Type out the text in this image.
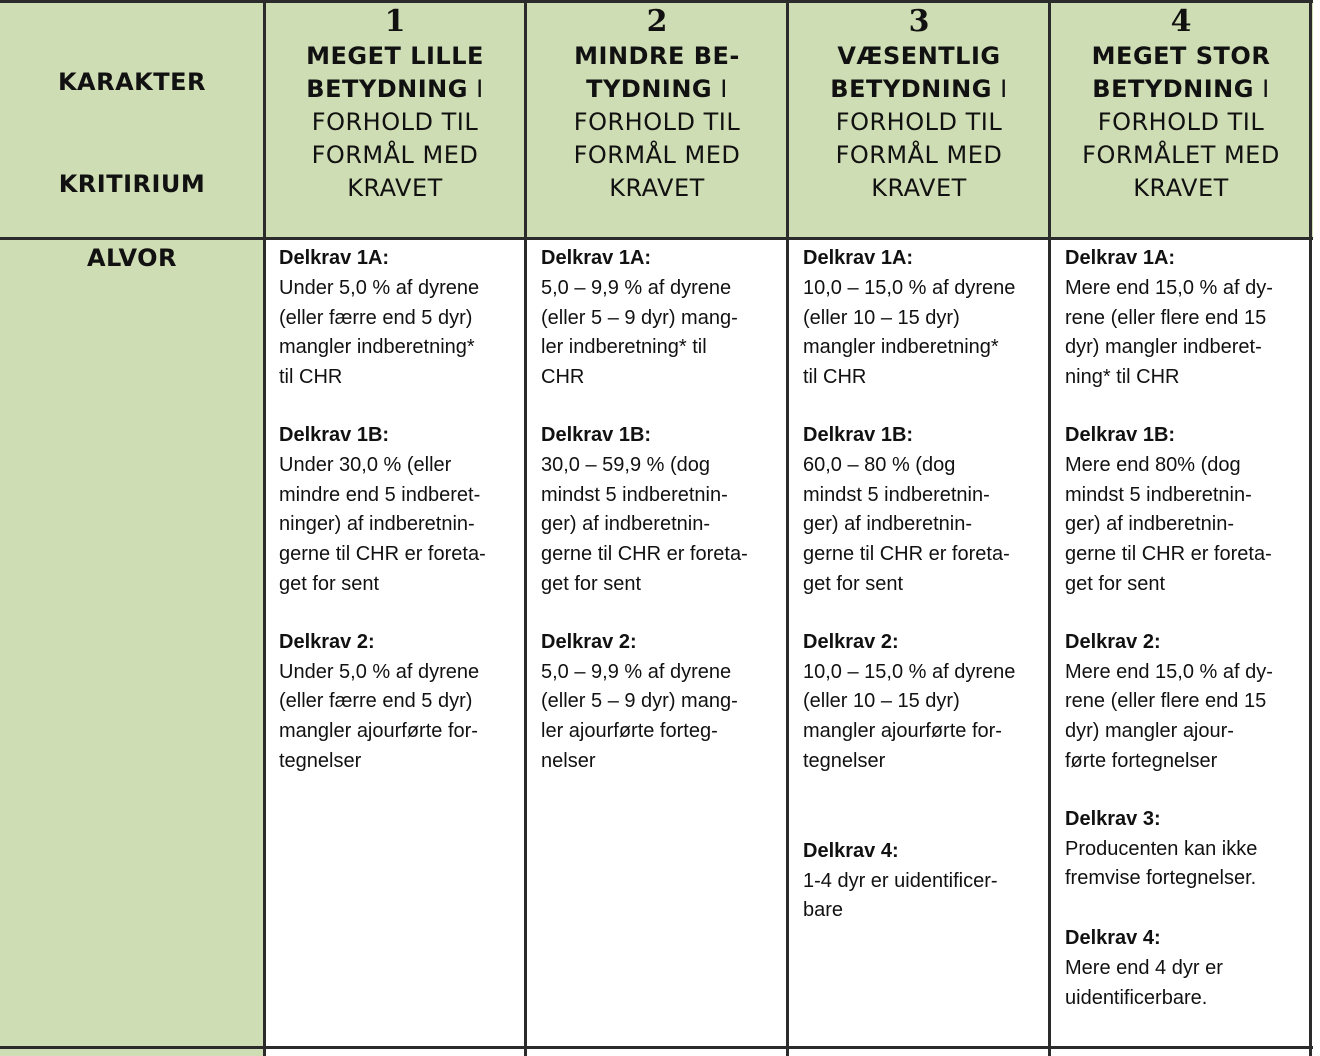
KARAKTER
KRITIRIUM
1
MEGET LILLE
BETYDNING I
FORHOLD TIL
FORMÅL MED
KRAVET
2
MINDRE BE-
TYDNING I
FORHOLD TIL
FORMÅL MED
KRAVET
3
VÆSENTLIG
BETYDNING I
FORHOLD TIL
FORMÅL MED
KRAVET
4
MEGET STOR
BETYDNING I
FORHOLD TIL
FORMÅLET MED
KRAVET
ALVOR	Delkrav 1A:
Under 5,0 % af dyrene
(eller færre end 5 dyr)
mangler indberetning*
til CHR
Delkrav 1B:
Under 30,0 % (eller
mindre end 5 indberet-
ninger) af indberetnin-
gerne til CHR er foreta-
get for sent
Delkrav 2:
Under 5,0 % af dyrene
(eller færre end 5 dyr)
mangler ajourførte for-
tegnelser
Delkrav 1A:
5,0 – 9,9 % af dyrene
(eller 5 – 9 dyr) mang-
ler indberetning* til
CHR
Delkrav 1B:
30,0 – 59,9 % (dog
mindst 5 indberetnin-
ger) af indberetnin-
gerne til CHR er foreta-
get for sent
Delkrav 2:
5,0 – 9,9 % af dyrene
(eller 5 – 9 dyr) mang-
ler ajourførte forteg-
nelser
Delkrav 1A:
10,0 – 15,0 % af dyrene
(eller 10 – 15 dyr)
mangler indberetning*
til CHR
Delkrav 1B:
60,0 – 80 % (dog
mindst 5 indberetnin-
ger) af indberetnin-
gerne til CHR er foreta-
get for sent
Delkrav 2:
10,0 – 15,0 % af dyrene
(eller 10 – 15 dyr)
mangler ajourførte for-
tegnelser
Delkrav 4:
1-4 dyr er uidentificer-
bare
Delkrav 1A:
Mere end 15,0 % af dy-
rene (eller flere end 15
dyr) mangler indberet-
ning* til CHR
Delkrav 1B:
Mere end 80% (dog
mindst 5 indberetnin-
ger) af indberetnin-
gerne til CHR er foreta-
get for sent
Delkrav 2:
Mere end 15,0 % af dy-
rene (eller flere end 15
dyr) mangler ajour-
førte fortegnelser
Delkrav 3:
Producenten kan ikke
fremvise fortegnelser.
Delkrav 4:
Mere end 4 dyr er
uidentificerbare.
